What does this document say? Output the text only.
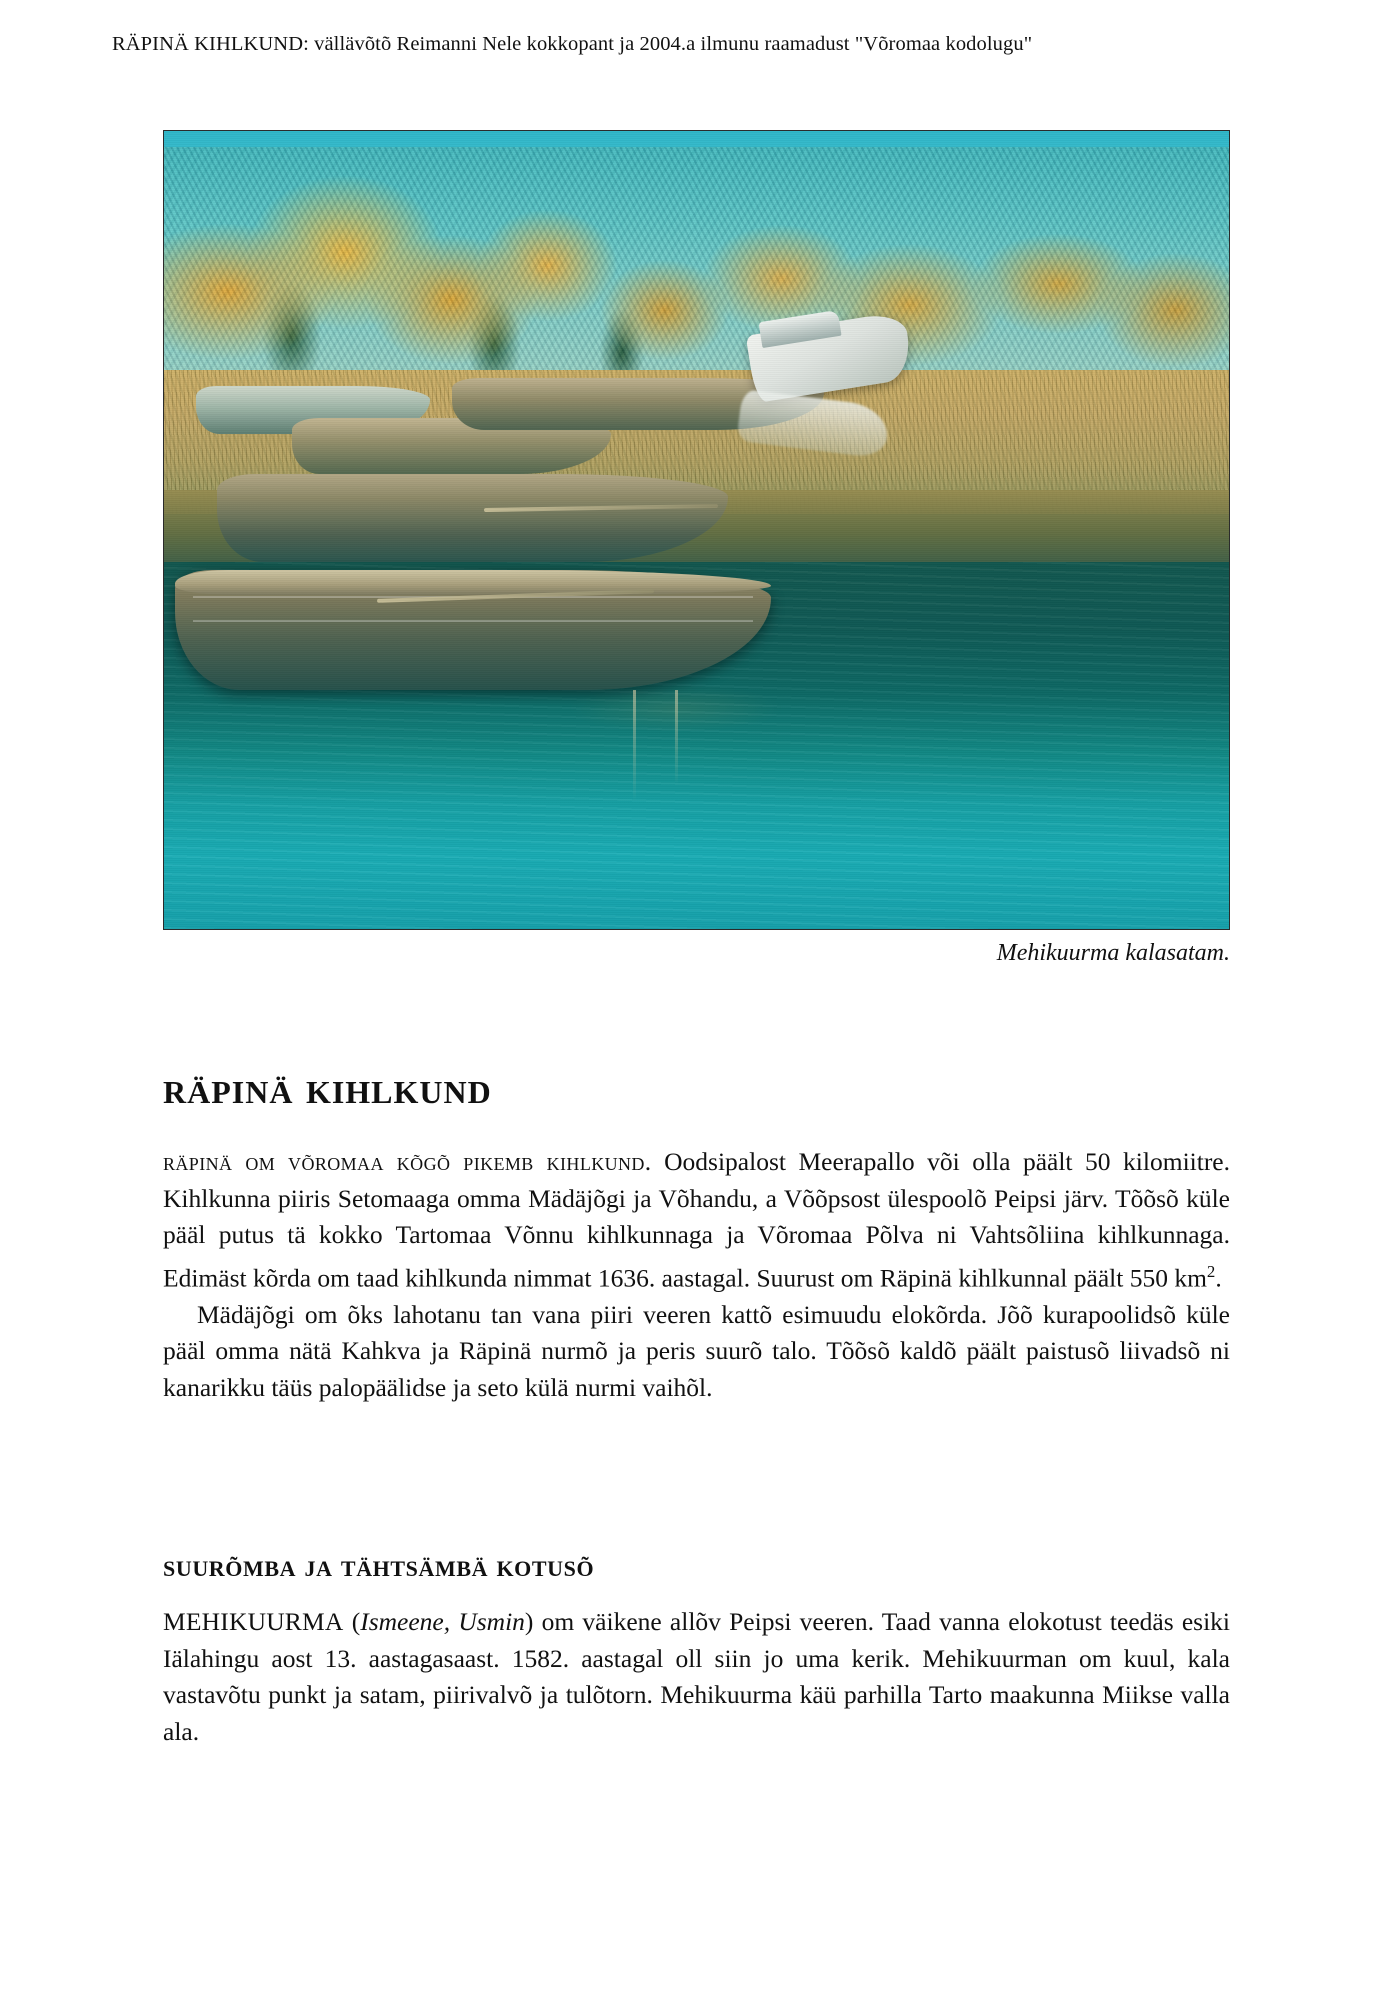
RÄPINÄ KIHLKUND: vällävõtõ Reimanni Nele kokkopant ja 2004.a ilmunu raamadust "Võromaa kodolugu"
Mehikuurma kalasatam.
räpinä kihlkund

räpinä om võromaa kõgõ pikemb kihlkund. Oodsipalost Meerapallo või olla päält 50 kilomiitre. Kihlkunna piiris Setomaaga omma Mädäjõgi ja Võhandu, a Võõpsost ülespoolõ Peipsi järv. Tõõsõ küle pääl putus tä kokko Tartomaa Võnnu kihlkunnaga ja Võromaa Põlva ni Vahtsõliina kihlkunnaga. Edimäst kõrda om taad kihlkunda nimmat 1636. aastagal. Suurust om Räpinä kihlkunnal päält 550 $km^2$.

Mädäjõgi om õks lahotanu tan vana piiri veeren kattõ esimuudu elokõrda. Jõõ kurapoolidsõ küle pääl omma nätä Kahkva ja Räpinä nurmõ ja peris suurõ talo. Tõõsõ kaldõ päält paistusõ liivadsõ ni kanarikku täüs palopäälidse ja seto külä nurmi vaihõl.

suurõmba ja tähtsämbä kotusõ

MEHIKUURMA (Ismeene, Usmin) om väikene allõv Peipsi veeren. Taad vanna elokotust teedäs esiki Iälahingu aost 13. aastagasaast. 1582. aastagal oll siin jo uma kerik. Mehikuurman om kuul, kala vastavõtu punkt ja satam, piirivalvõ ja tulõtorn. Mehikuurma käü parhilla Tarto maakunna Miikse valla ala.
